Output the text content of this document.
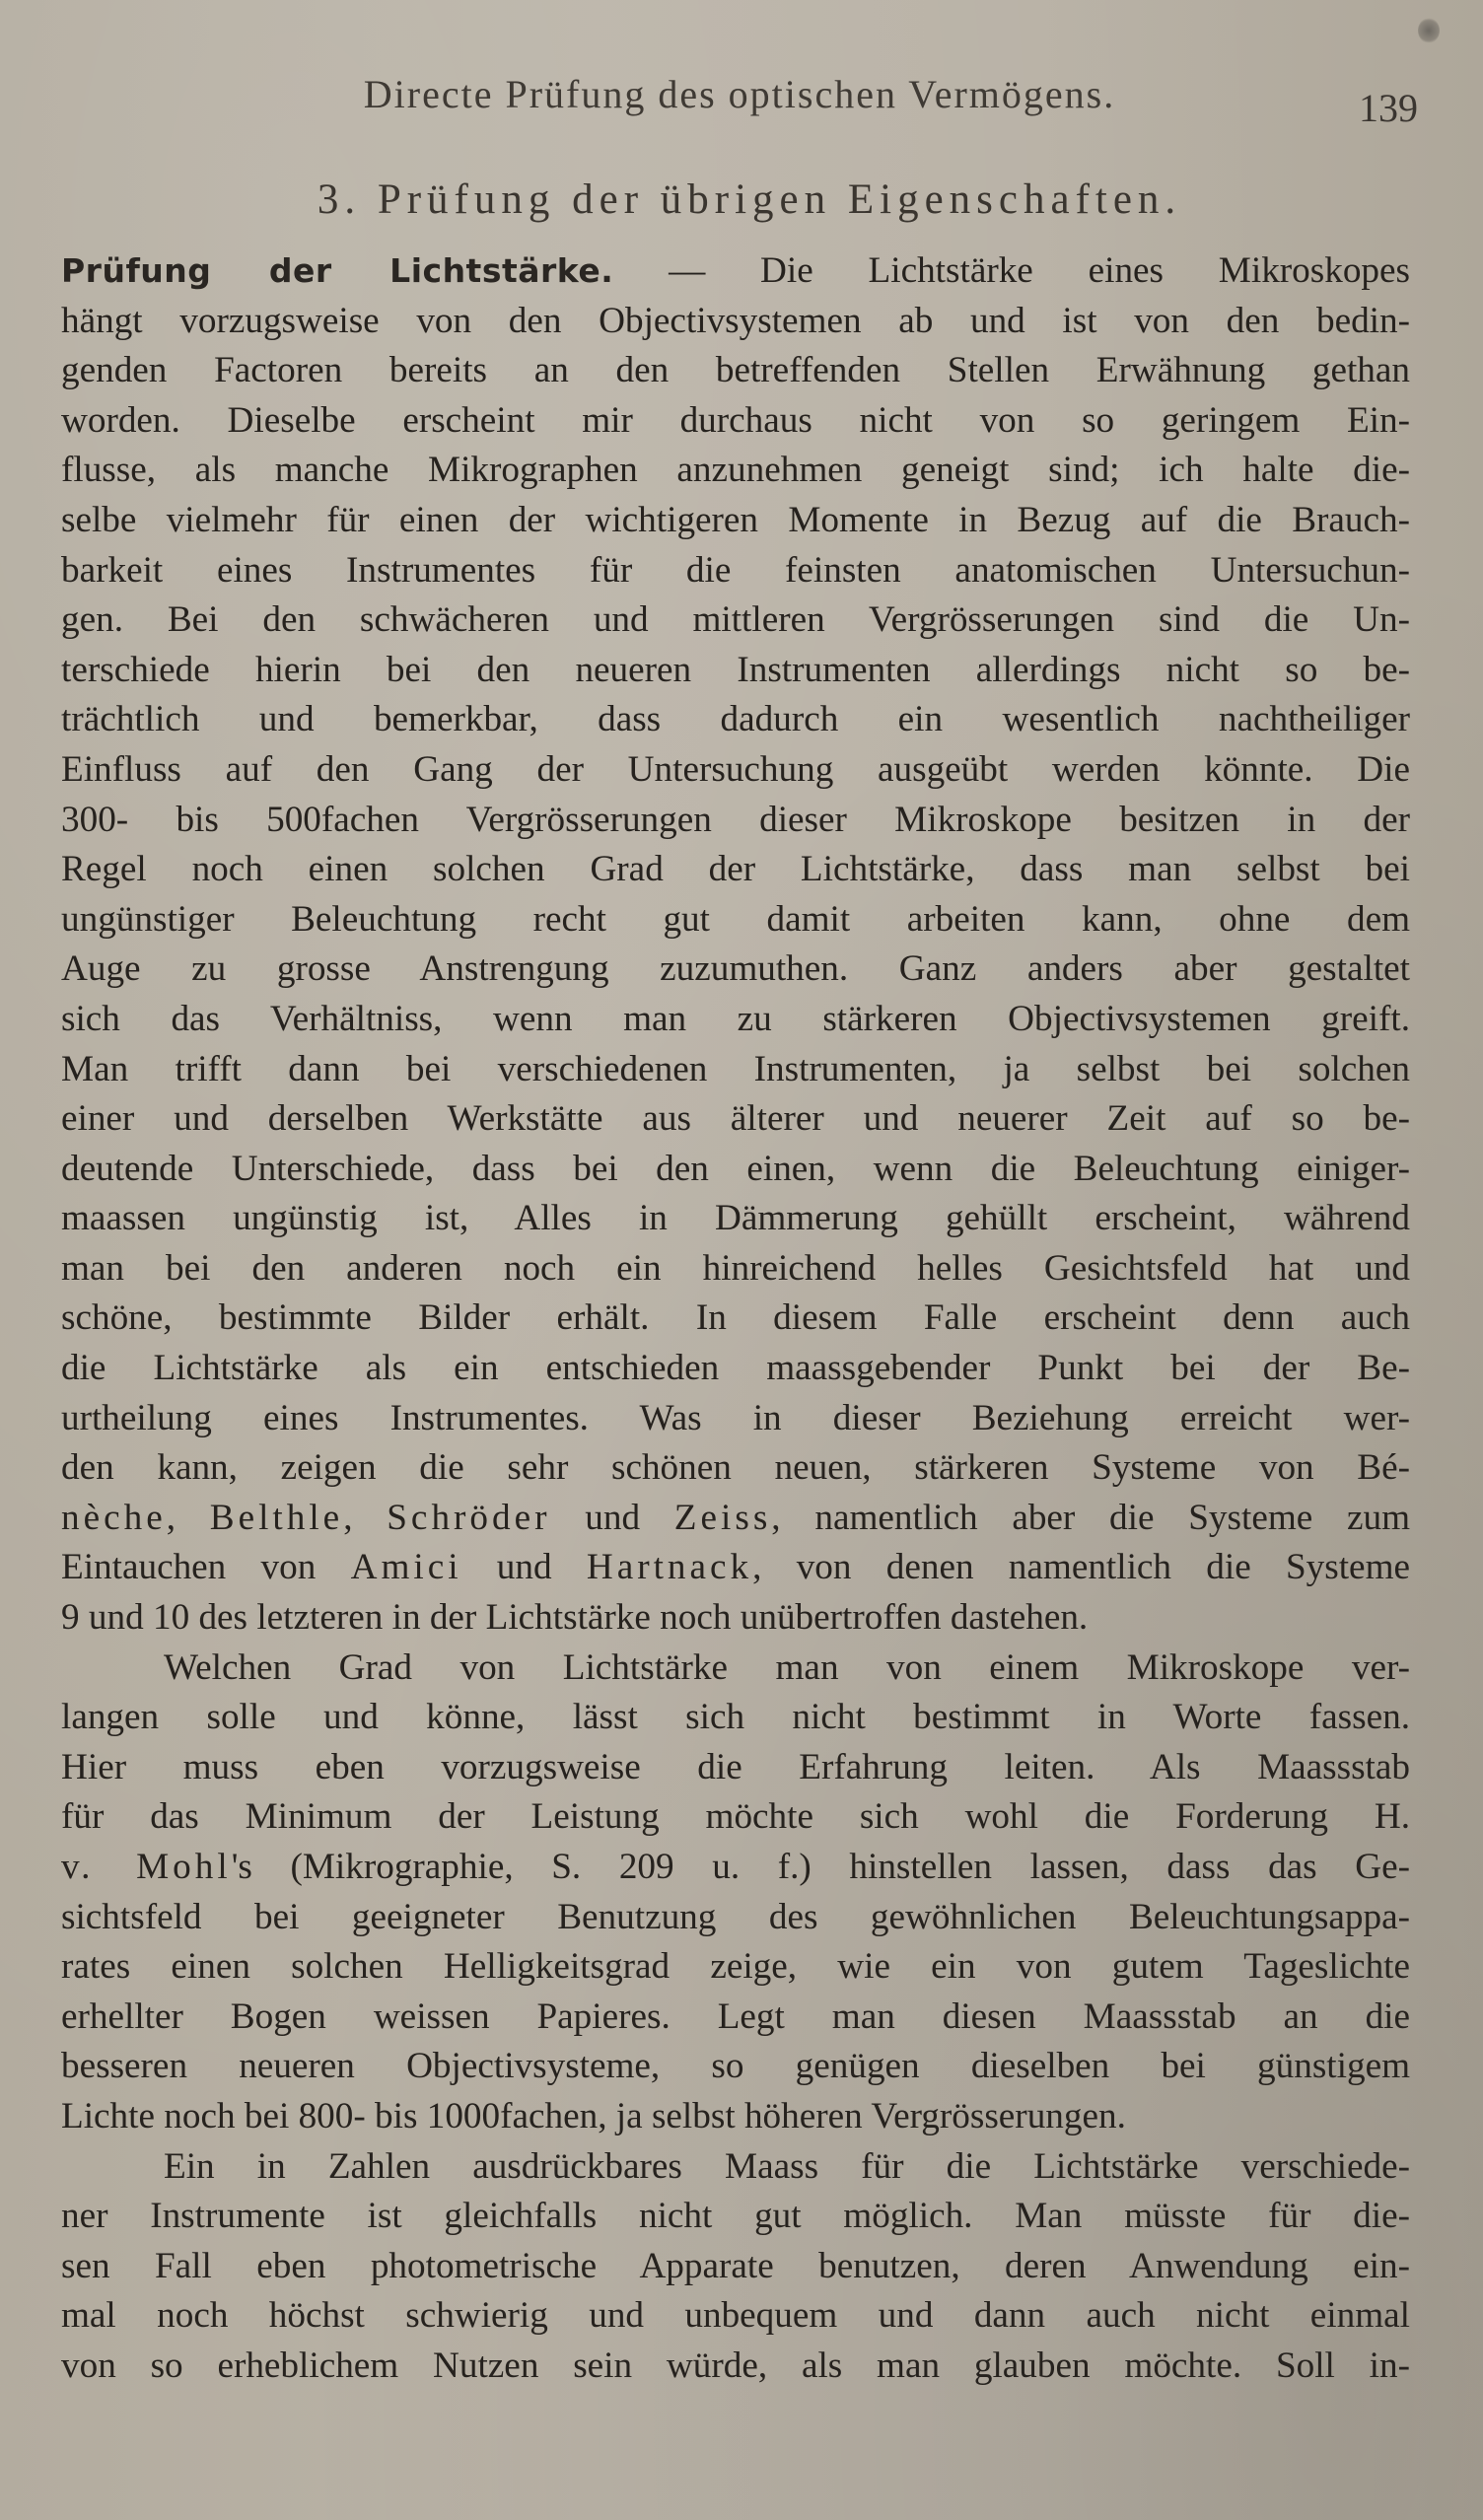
Directe Prüfung des optischen Vermögens.	139
3. Prüfung der übrigen Eigenschaften.
Prüfung der Lichtstärke. — Die Lichtstärke eines Mikroskopes
hängt vorzugsweise von den Objectivsystemen ab und ist von den bedin-
genden Factoren bereits an den betreffenden Stellen Erwähnung gethan
worden. Dieselbe erscheint mir durchaus nicht von so geringem Ein-
flusse, als manche Mikrographen anzunehmen geneigt sind; ich halte die-
selbe vielmehr für einen der wichtigeren Momente in Bezug auf die Brauch-
barkeit eines Instrumentes für die feinsten anatomischen Untersuchun-
gen. Bei den schwächeren und mittleren Vergrösserungen sind die Un-
terschiede hierin bei den neueren Instrumenten allerdings nicht so be-
trächtlich und bemerkbar, dass dadurch ein wesentlich nachtheiliger
Einfluss auf den Gang der Untersuchung ausgeübt werden könnte. Die
300- bis 500fachen Vergrösserungen dieser Mikroskope besitzen in der
Regel noch einen solchen Grad der Lichtstärke, dass man selbst bei
ungünstiger Beleuchtung recht gut damit arbeiten kann, ohne dem
Auge zu grosse Anstrengung zuzumuthen. Ganz anders aber gestaltet
sich das Verhältniss, wenn man zu stärkeren Objectivsystemen greift.
Man trifft dann bei verschiedenen Instrumenten, ja selbst bei solchen
einer und derselben Werkstätte aus älterer und neuerer Zeit auf so be-
deutende Unterschiede, dass bei den einen, wenn die Beleuchtung einiger-
maassen ungünstig ist, Alles in Dämmerung gehüllt erscheint, während
man bei den anderen noch ein hinreichend helles Gesichtsfeld hat und
schöne, bestimmte Bilder erhält. In diesem Falle erscheint denn auch
die Lichtstärke als ein entschieden maassgebender Punkt bei der Be-
urtheilung eines Instrumentes. Was in dieser Beziehung erreicht wer-
den kann, zeigen die sehr schönen neuen, stärkeren Systeme von Bé-
nèche, Belthle, Schröder und Zeiss, namentlich aber die Systeme zum
Eintauchen von Amici und Hartnack, von denen namentlich die Systeme
9 und 10 des letzteren in der Lichtstärke noch unübertroffen dastehen.
Welchen Grad von Lichtstärke man von einem Mikroskope ver-
langen solle und könne, lässt sich nicht bestimmt in Worte fassen.
Hier muss eben vorzugsweise die Erfahrung leiten. Als Maassstab
für das Minimum der Leistung möchte sich wohl die Forderung H.
v. Mohl's (Mikrographie, S. 209 u. f.) hinstellen lassen, dass das Ge-
sichtsfeld bei geeigneter Benutzung des gewöhnlichen Beleuchtungsappa-
rates einen solchen Helligkeitsgrad zeige, wie ein von gutem Tageslichte
erhellter Bogen weissen Papieres. Legt man diesen Maassstab an die
besseren neueren Objectivsysteme, so genügen dieselben bei günstigem
Lichte noch bei 800- bis 1000fachen, ja selbst höheren Vergrösserungen.
Ein in Zahlen ausdrückbares Maass für die Lichtstärke verschiede-
ner Instrumente ist gleichfalls nicht gut möglich. Man müsste für die-
sen Fall eben photometrische Apparate benutzen, deren Anwendung ein-
mal noch höchst schwierig und unbequem und dann auch nicht einmal
von so erheblichem Nutzen sein würde, als man glauben möchte. Soll in-
